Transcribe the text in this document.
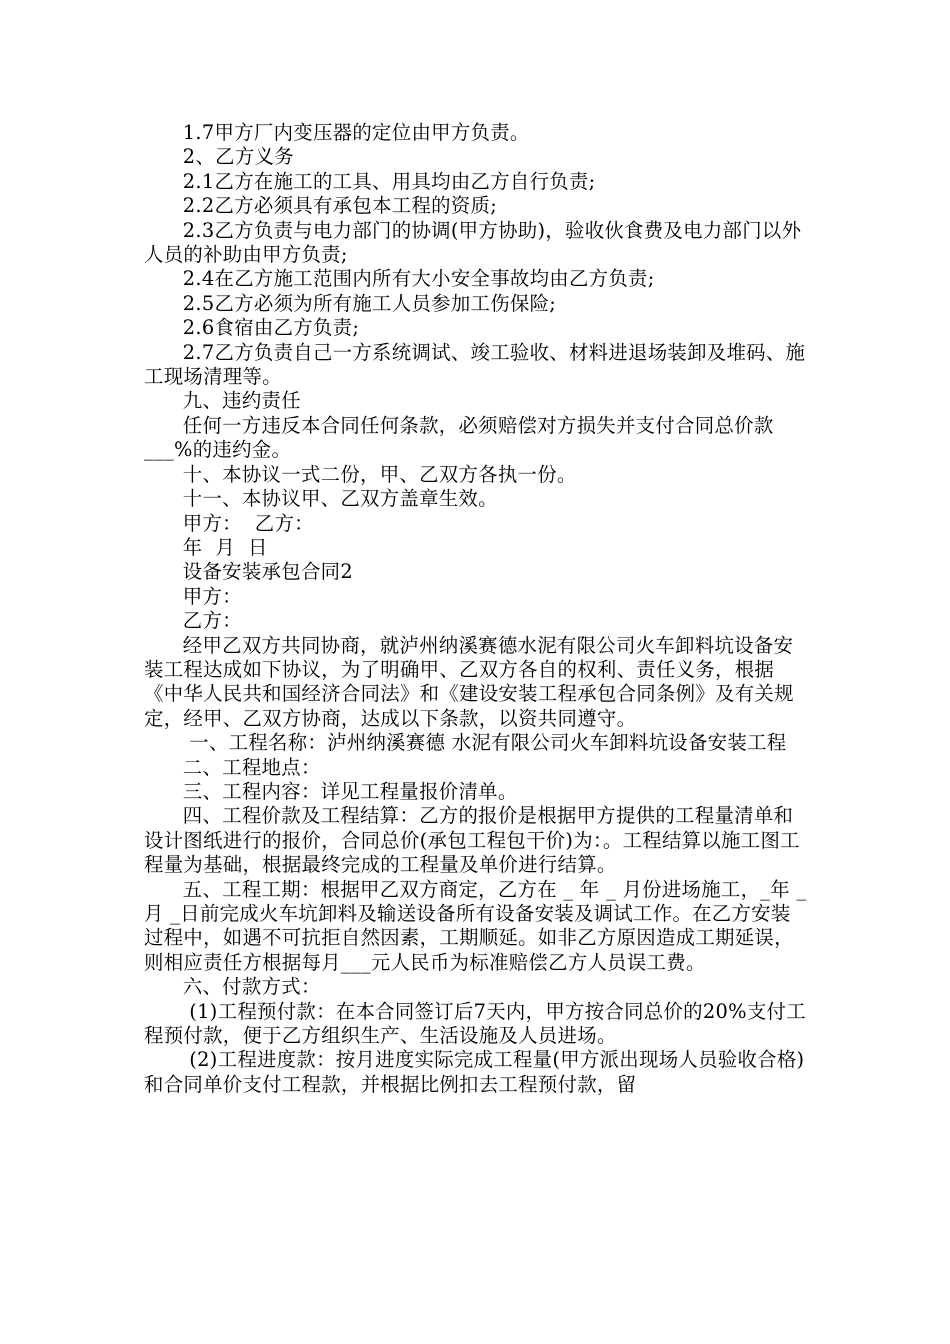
1.7甲方厂内变压器的定位由甲方负责。

2、乙方义务

2.1乙方在施工的工具、用具均由乙方自行负责;

2.2乙方必须具有承包本工程的资质;

2.3乙方负责与电力部门的协调(甲方协助)，验收伙食费及电力部门以外人员的补助由甲方负责;

2.4在乙方施工范围内所有大小安全事故均由乙方负责;

2.5乙方必须为所有施工人员参加工伤保险;

2.6食宿由乙方负责;

2.7乙方负责自己一方系统调试、竣工验收、材料进退场装卸及堆码、施工现场清理等。

九、违约责任

任何一方违反本合同任何条款，必须赔偿对方损失并支付合同总价款___%的违约金。

十、本协议一式二份，甲、乙双方各执一份。

十一、本协议甲、乙双方盖章生效。

甲方：  乙方：

年  月  日

设备安装承包合同2

甲方：

乙方：

经甲乙双方共同协商，就泸州纳溪赛德水泥有限公司火车卸料坑设备安装工程达成如下协议，为了明确甲、乙双方各自的权利、责任义务，根据《中华人民共和国经济合同法》和《建设安装工程承包合同条例》及有关规定，经甲、乙双方协商，达成以下条款，以资共同遵守。

一、工程名称：泸州纳溪赛德 水泥有限公司火车卸料坑设备安装工程

二、工程地点：

三、工程内容：详见工程量报价清单。

四、工程价款及工程结算：乙方的报价是根据甲方提供的工程量清单和设计图纸进行的报价，合同总价(承包工程包干价)为：。工程结算以施工图工程量为基础，根据最终完成的工程量及单价进行结算。

五、工程工期：根据甲乙双方商定，乙方在 _ 年 _ 月份进场施工，_年 _ 月 _日前完成火车坑卸料及输送设备所有设备安装及调试工作。在乙方安装过程中，如遇不可抗拒自然因素，工期顺延。如非乙方原因造成工期延误，则相应责任方根据每月___元人民币为标准赔偿乙方人员误工费。

六、付款方式：

(1)工程预付款：在本合同签订后7天内，甲方按合同总价的20%支付工程预付款，便于乙方组织生产、生活设施及人员进场。

(2)工程进度款：按月进度实际完成工程量(甲方派出现场人员验收合格)和合同单价支付工程款，并根据比例扣去工程预付款，留
